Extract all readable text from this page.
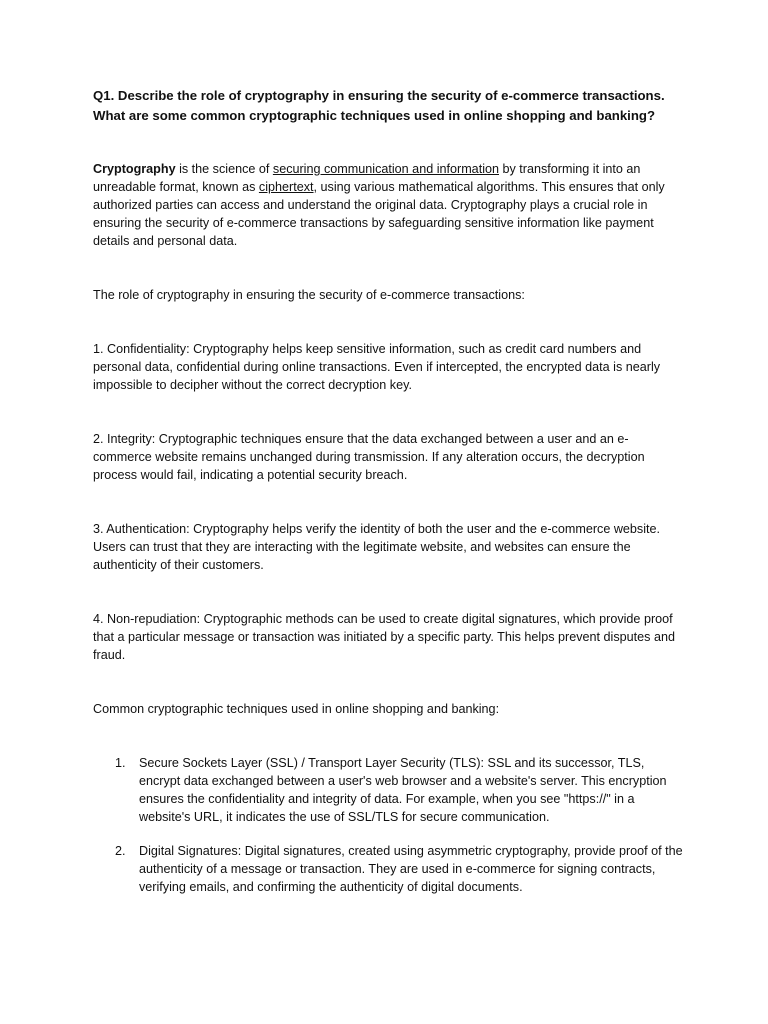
Q1. Describe the role of cryptography in ensuring the security of e-commerce transactions. What are some common cryptographic techniques used in online shopping and banking?

Cryptography is the science of securing communication and information by transforming it into an unreadable format, known as ciphertext, using various mathematical algorithms. This ensures that only authorized parties can access and understand the original data. Cryptography plays a crucial role in ensuring the security of e-commerce transactions by safeguarding sensitive information like payment details and personal data.

The role of cryptography in ensuring the security of e-commerce transactions:

1. Confidentiality: Cryptography helps keep sensitive information, such as credit card numbers and personal data, confidential during online transactions. Even if intercepted, the encrypted data is nearly impossible to decipher without the correct decryption key.

2. Integrity: Cryptographic techniques ensure that the data exchanged between a user and an e-commerce website remains unchanged during transmission. If any alteration occurs, the decryption process would fail, indicating a potential security breach.

3. Authentication: Cryptography helps verify the identity of both the user and the e-commerce website. Users can trust that they are interacting with the legitimate website, and websites can ensure the authenticity of their customers.

4. Non-repudiation: Cryptographic methods can be used to create digital signatures, which provide proof that a particular message or transaction was initiated by a specific party. This helps prevent disputes and fraud.

Common cryptographic techniques used in online shopping and banking:

1. Secure Sockets Layer (SSL) / Transport Layer Security (TLS): SSL and its successor, TLS, encrypt data exchanged between a user's web browser and a website's server. This encryption ensures the confidentiality and integrity of data. For example, when you see "https://" in a website's URL, it indicates the use of SSL/TLS for secure communication.
2. Digital Signatures: Digital signatures, created using asymmetric cryptography, provide proof of the authenticity of a message or transaction. They are used in e-commerce for signing contracts, verifying emails, and confirming the authenticity of digital documents.
